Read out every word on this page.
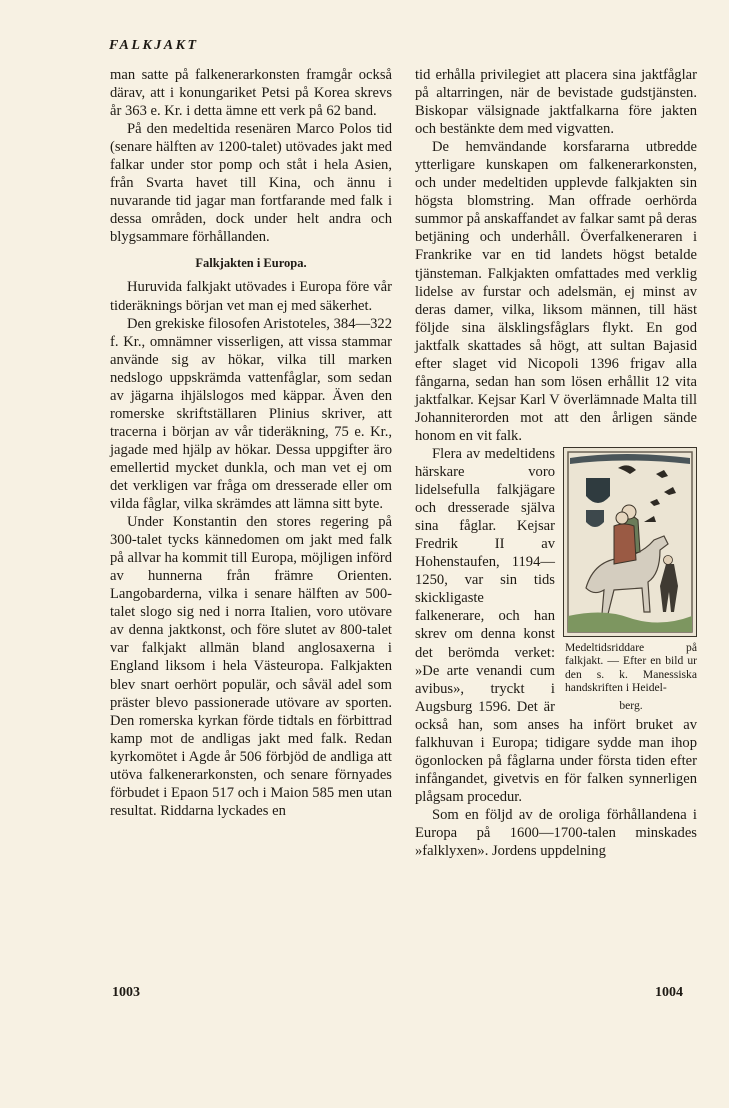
FALKJAKT

man satte på falkenerarkonsten framgår också därav, att i konungariket Petsi på Korea skrevs år 363 e. Kr. i detta ämne ett verk på 62 band.

På den medeltida resenären Marco Polos tid (senare hälften av 1200-talet) utövades jakt med falkar under stor pomp och ståt i hela Asien, från Svarta havet till Kina, och ännu i nuvarande tid jagar man fortfarande med falk i dessa områden, dock under helt andra och blygsammare förhållanden.

Falkjakten i Europa.

Huruvida falkjakt utövades i Europa före vår tideräknings början vet man ej med säkerhet.

Den grekiske filosofen Aristoteles, 384—322 f. Kr., omnämner visserligen, att vissa stammar använde sig av hökar, vilka till marken nedslogo uppskrämda vattenfåglar, som sedan av jägarna ihjälslogos med käppar. Även den romerske skriftställaren Plinius skriver, att tracerna i början av vår tideräkning, 75 e. Kr., jagade med hjälp av hökar. Dessa uppgifter äro emellertid mycket dunkla, och man vet ej om det verkligen var fråga om dresserade eller om vilda fåglar, vilka skrämdes att lämna sitt byte.

Under Konstantin den stores regering på 300-talet tycks kännedomen om jakt med falk på allvar ha kommit till Europa, möjligen införd av hunnerna från främre Orienten. Langobarderna, vilka i senare hälften av 500-talet slogo sig ned i norra Italien, voro utövare av denna jaktkonst, och före slutet av 800-talet var falkjakt allmän bland anglosaxerna i England liksom i hela Västeuropa. Falkjakten blev snart oerhört populär, och såväl adel som präster blevo passionerade utövare av sporten. Den romerska kyrkan förde tidtals en förbittrad kamp mot de andligas jakt med falk. Redan kyrkomötet i Agde år 506 förbjöd de andliga att utöva falkenerarkonsten, och senare förnyades förbudet i Epaon 517 och i Maion 585 men utan resultat. Riddarna lyckades en

tid erhålla privilegiet att placera sina jaktfåglar på altarringen, när de bevistade gudstjänsten. Biskopar välsignade jaktfalkarna före jakten och bestänkte dem med vigvatten.

De hemvändande korsfararna utbredde ytterligare kunskapen om falkenerarkonsten, och under medeltiden upplevde falkjakten sin högsta blomstring. Man offrade oerhörda summor på anskaffandet av falkar samt på deras betjäning och underhåll. Överfalkeneraren i Frankrike var en tid landets högst betalde tjänsteman. Falkjakten omfattades med verklig lidelse av furstar och adelsmän, ej minst av deras damer, vilka, liksom männen, till häst följde sina älsklingsfåglars flykt. En god jaktfalk skattades så högt, att sultan Bajasid efter slaget vid Nicopoli 1396 frigav alla fångarna, sedan han som lösen erhållit 12 vita jaktfalkar. Kejsar Karl V överlämnade Malta till Johanniterorden mot att den årligen sände honom en vit falk.

Medeltidsriddare på falkjakt. — Efter en bild ur den s. k. Manessiska handskriften i Heidel-
berg.

Flera av medeltidens härskare voro lidelsefulla falkjägare och dresserade själva sina fåglar. Kejsar Fredrik II av Hohenstaufen, 1194—1250, var sin tids skickligaste falkenerare, och han skrev om denna konst det berömda verket: »De arte venandi cum avibus», tryckt i Augsburg 1596. Det är också han, som anses ha infört bruket av falkhuvan i Europa; tidigare sydde man ihop ögonlocken på fåglarna under första tiden efter infångandet, givetvis en för falken synnerligen plågsam procedur.

Som en följd av de oroliga förhållandena i Europa på 1600—1700-talen minskades »falklyxen». Jordens uppdelning

1003	1004
